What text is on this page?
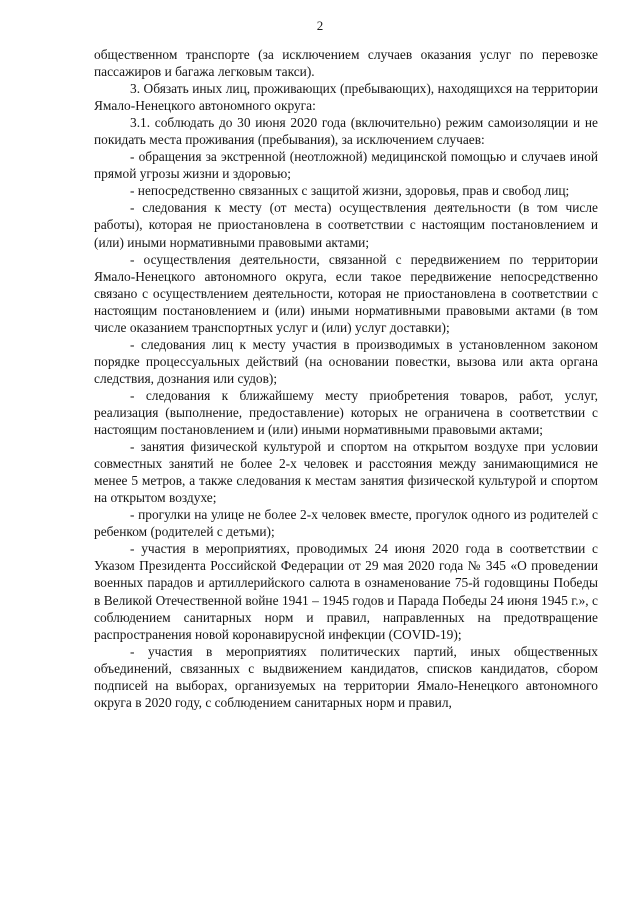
2

общественном транспорте (за исключением случаев оказания услуг по перевозке пассажиров и багажа легковым такси).

3. Обязать иных лиц, проживающих (пребывающих), находящихся на территории Ямало-Ненецкого автономного округа:

3.1. соблюдать до 30 июня 2020 года (включительно) режим самоизоляции и не покидать места проживания (пребывания), за исключением случаев:

- обращения за экстренной (неотложной) медицинской помощью и случаев иной прямой угрозы жизни и здоровью;

- непосредственно связанных с защитой жизни, здоровья, прав и свобод лиц;

- следования к месту (от места) осуществления деятельности (в том числе работы), которая не приостановлена в соответствии с настоящим постановлением и (или) иными нормативными правовыми актами;

- осуществления деятельности, связанной с передвижением по территории Ямало-Ненецкого автономного округа, если такое передвижение непосредственно связано с осуществлением деятельности, которая не приостановлена в соответствии с настоящим постановлением и (или) иными нормативными правовыми актами (в том числе оказанием транспортных услуг и (или) услуг доставки);

- следования лиц к месту участия в производимых в установленном законом порядке процессуальных действий (на основании повестки, вызова или акта органа следствия, дознания или судов);

- следования к ближайшему месту приобретения товаров, работ, услуг, реализация (выполнение, предоставление) которых не ограничена в соответствии с настоящим постановлением и (или) иными нормативными правовыми актами;

- занятия физической культурой и спортом на открытом воздухе при условии совместных занятий не более 2-х человек и расстояния между занимающимися не менее 5 метров, а также следования к местам занятия физической культурой и спортом на открытом воздухе;

- прогулки на улице не более 2-х человек вместе, прогулок одного из родителей с ребенком (родителей с детьми);

- участия в мероприятиях, проводимых 24 июня 2020 года в соответствии с Указом Президента Российской Федерации от 29 мая 2020 года № 345 «О проведении военных парадов и артиллерийского салюта в ознаменование 75-й годовщины Победы в Великой Отечественной войне 1941 – 1945 годов и Парада Победы 24 июня 1945 г.», с соблюдением санитарных норм и правил, направленных на предотвращение распространения новой коронавирусной инфекции (COVID-19);

- участия в мероприятиях политических партий, иных общественных объединений, связанных с выдвижением кандидатов, списков кандидатов, сбором подписей на выборах, организуемых на территории Ямало-Ненецкого автономного округа в 2020 году, с соблюдением санитарных норм и правил,
